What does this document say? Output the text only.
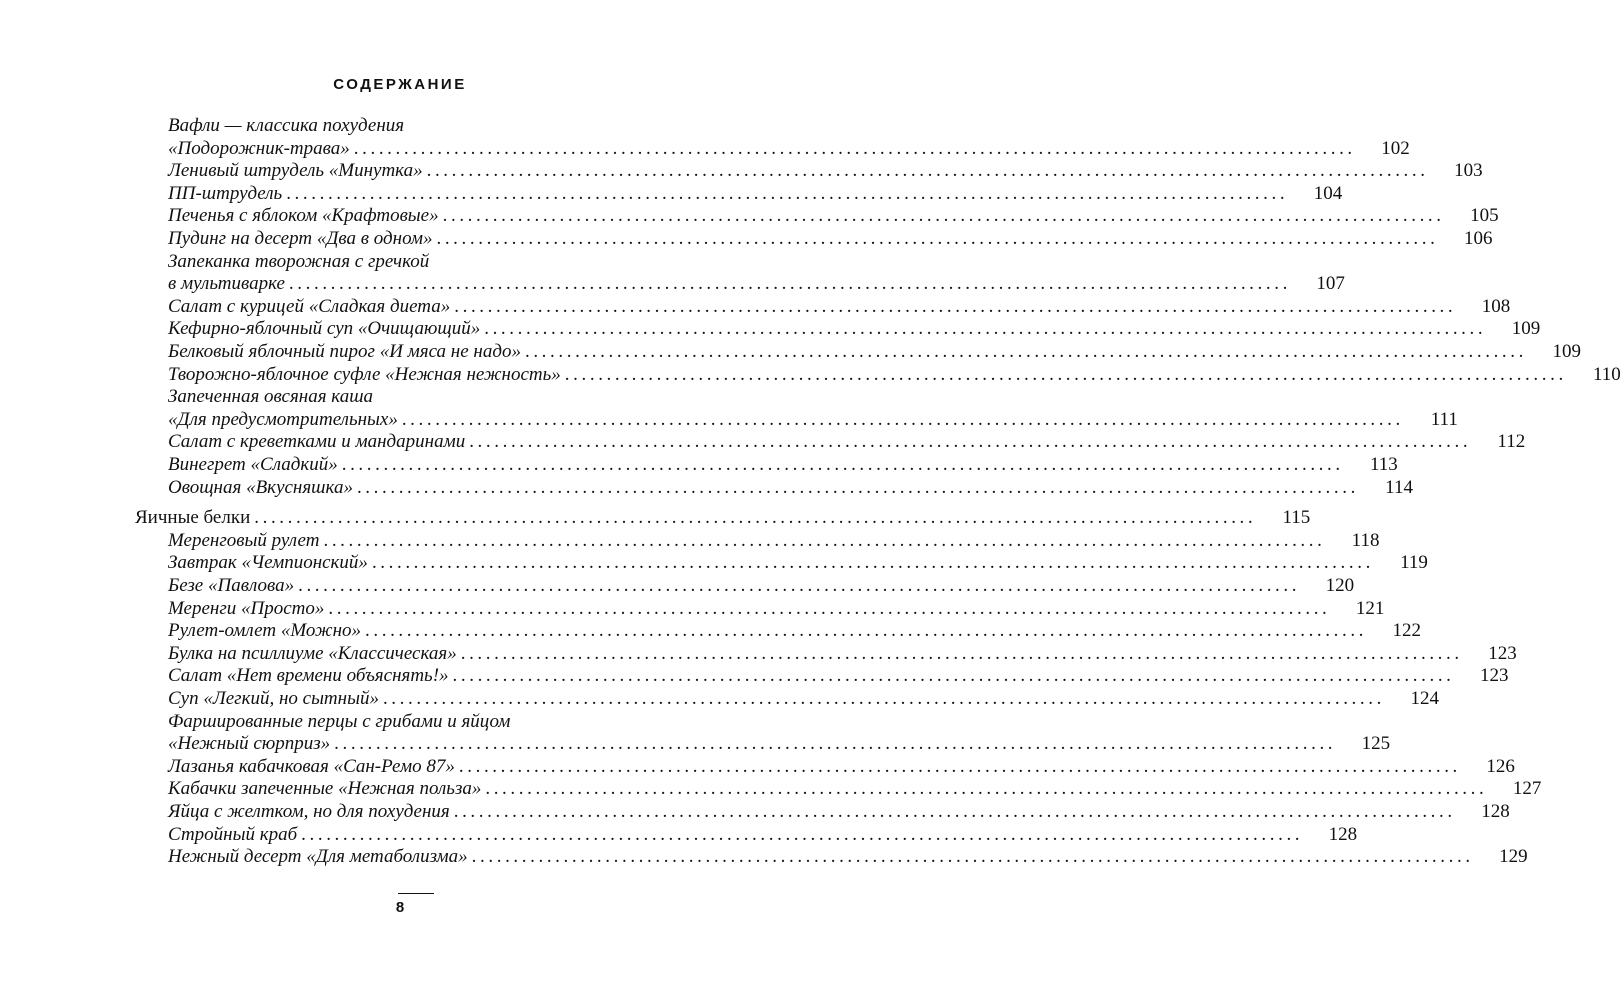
СОДЕРЖАНИЕ
Вафли — классика похудения
«Подорожник-трава» ........................................................................................................................	102
Ленивый штрудель «Минутка» ........................................................................................................................	103
ПП-штрудель ........................................................................................................................	104
Печенья с яблоком «Крафтовые» ........................................................................................................................	105
Пудинг на десерт «Два в одном» ........................................................................................................................	106
Запеканка творожная с гречкой
в мультиварке ........................................................................................................................	107
Салат с курицей «Сладкая диета» ........................................................................................................................	108
Кефирно-яблочный суп «Очищающий» ........................................................................................................................	109
Белковый яблочный пирог «И мяса не надо» ........................................................................................................................	109
Творожно-яблочное суфле «Нежная нежность» ........................................................................................................................	110
Запеченная овсяная каша
«Для предусмотрительных» ........................................................................................................................	111
Салат с креветками и мандаринами ........................................................................................................................	112
Винегрет «Сладкий» ........................................................................................................................	113
Овощная «Вкусняшка» ........................................................................................................................	114
Яичные белки ........................................................................................................................	115
Меренговый рулет ........................................................................................................................	118
Завтрак «Чемпионский» ........................................................................................................................	119
Безе «Павлова» ........................................................................................................................	120
Меренги «Просто» ........................................................................................................................	121
Рулет-омлет «Можно» ........................................................................................................................	122
Булка на псиллиуме «Классическая» ........................................................................................................................	123
Салат «Нет времени объяснять!» ........................................................................................................................	123
Суп «Легкий, но сытный» ........................................................................................................................	124
Фаршированные перцы с грибами и яйцом
«Нежный сюрприз» ........................................................................................................................	125
Лазанья кабачковая «Сан-Ремо 87» ........................................................................................................................	126
Кабачки запеченные «Нежная польза» ........................................................................................................................	127
Яйца с желтком, но для похудения ........................................................................................................................	128
Стройный краб ........................................................................................................................	128
Нежный десерт «Для метаболизма» ........................................................................................................................	129
8
